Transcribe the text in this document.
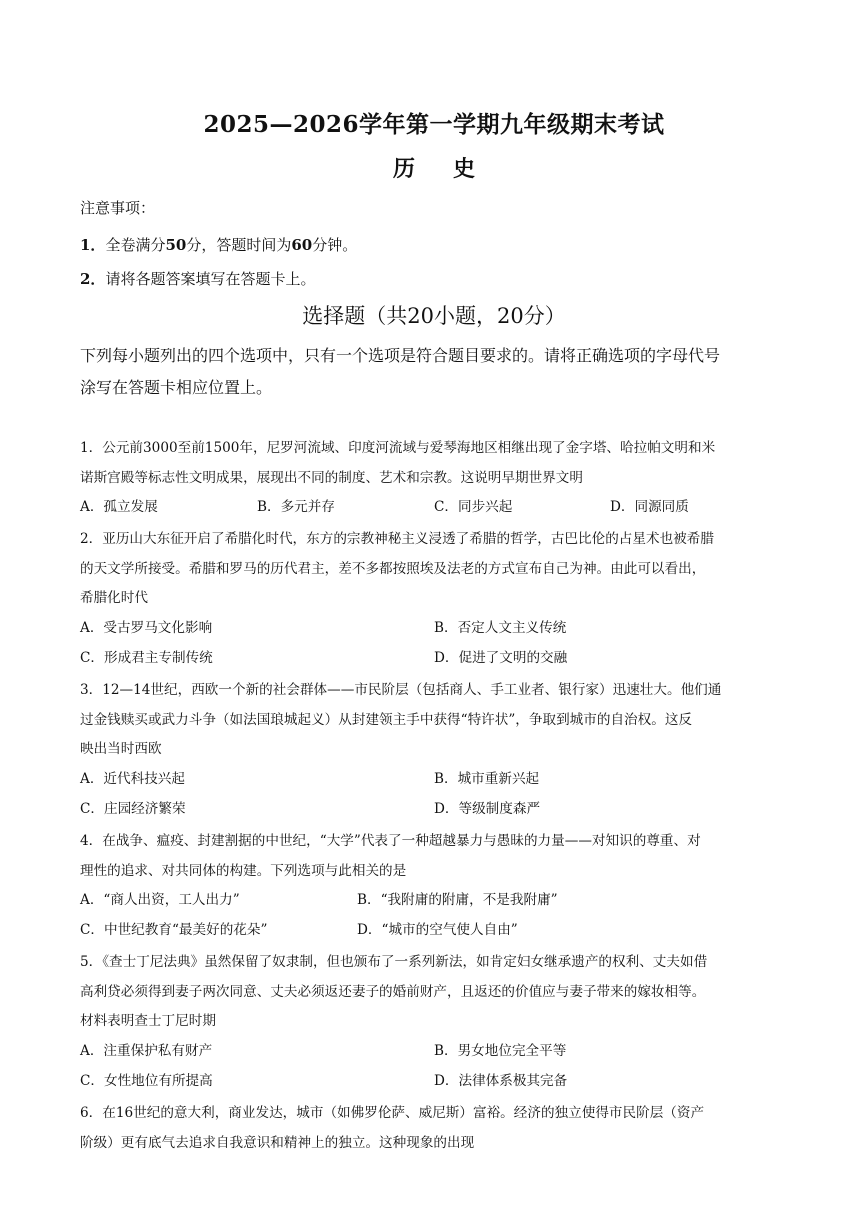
2025—2026学年第一学期九年级期末考试
历史
注意事项：
1．全卷满分50分，答题时间为60分钟。
2．请将各题答案填写在答题卡上。
选择题（共20小题，20分）
下列每小题列出的四个选项中，只有一个选项是符合题目要求的。请将正确选项的字母代号
涂写在答题卡相应位置上。
1．公元前3000至前1500年，尼罗河流域、印度河流域与爱琴海地区相继出现了金字塔、哈拉帕文明和米
诺斯宫殿等标志性文明成果，展现出不同的制度、艺术和宗教。这说明早期世界文明
A．孤立发展	B．多元并存	C．同步兴起	D．同源同质
2．亚历山大东征开启了希腊化时代，东方的宗教神秘主义浸透了希腊的哲学，古巴比伦的占星术也被希腊
的天文学所接受。希腊和罗马的历代君主，差不多都按照埃及法老的方式宣布自己为神。由此可以看出，
希腊化时代
A．受古罗马文化影响	B．否定人文主义传统
C．形成君主专制传统	D．促进了文明的交融
3．12—14世纪，西欧一个新的社会群体——市民阶层（包括商人、手工业者、银行家）迅速壮大。他们通
过金钱赎买或武力斗争（如法国琅城起义）从封建领主手中获得“特许状”，争取到城市的自治权。这反
映出当时西欧
A．近代科技兴起	B．城市重新兴起
C．庄园经济繁荣	D．等级制度森严
4．在战争、瘟疫、封建割据的中世纪，“大学”代表了一种超越暴力与愚昧的力量——对知识的尊重、对
理性的追求、对共同体的构建。下列选项与此相关的是
A．“商人出资，工人出力”	B．“我附庸的附庸，不是我附庸”
C．中世纪教育“最美好的花朵”	D．“城市的空气使人自由”
5．《查士丁尼法典》虽然保留了奴隶制，但也颁布了一系列新法，如肯定妇女继承遗产的权利、丈夫如借
高利贷必须得到妻子两次同意、丈夫必须返还妻子的婚前财产，且返还的价值应与妻子带来的嫁妆相等。
材料表明查士丁尼时期
A．注重保护私有财产	B．男女地位完全平等
C．女性地位有所提高	D．法律体系极其完备
6．在16世纪的意大利，商业发达，城市（如佛罗伦萨、威尼斯）富裕。经济的独立使得市民阶层（资产
阶级）更有底气去追求自我意识和精神上的独立。这种现象的出现
